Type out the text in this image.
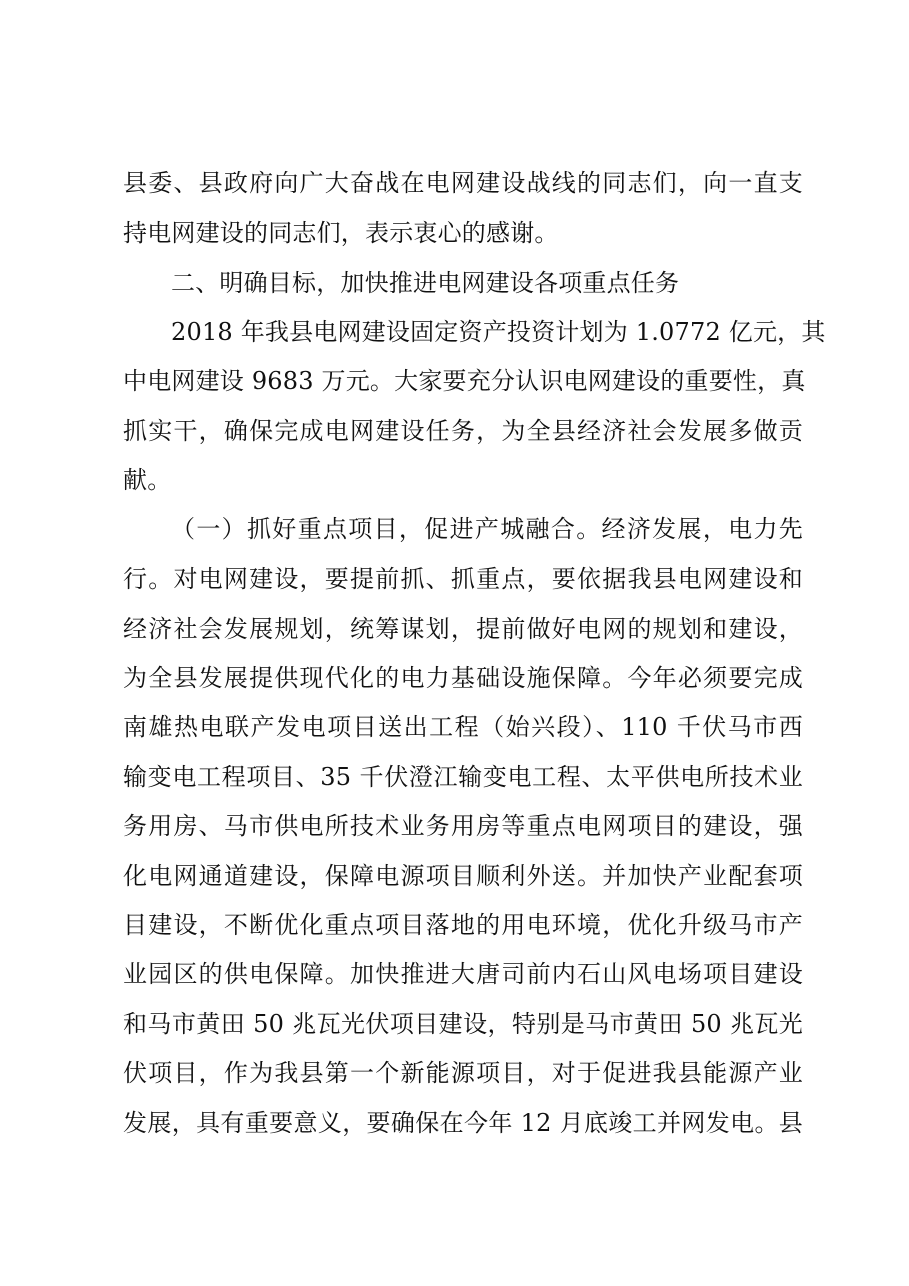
县委、县政府向广大奋战在电网建设战线的同志们，向一直支
持电网建设的同志们，表示衷心的感谢。
二、明确目标，加快推进电网建设各项重点任务
2018 年我县电网建设固定资产投资计划为 1.0772 亿元，其
中电网建设 9683 万元。大家要充分认识电网建设的重要性，真
抓实干，确保完成电网建设任务，为全县经济社会发展多做贡
献。
（一）抓好重点项目，促进产城融合。经济发展，电力先
行。对电网建设，要提前抓、抓重点，要依据我县电网建设和
经济社会发展规划，统筹谋划，提前做好电网的规划和建设，
为全县发展提供现代化的电力基础设施保障。今年必须要完成
南雄热电联产发电项目送出工程（始兴段）、110 千伏马市西
输变电工程项目、35 千伏澄江输变电工程、太平供电所技术业
务用房、马市供电所技术业务用房等重点电网项目的建设，强
化电网通道建设，保障电源项目顺利外送。并加快产业配套项
目建设，不断优化重点项目落地的用电环境，优化升级马市产
业园区的供电保障。加快推进大唐司前内石山风电场项目建设
和马市黄田 50 兆瓦光伏项目建设，特别是马市黄田 50 兆瓦光
伏项目，作为我县第一个新能源项目，对于促进我县能源产业
发展，具有重要意义，要确保在今年 12 月底竣工并网发电。县
